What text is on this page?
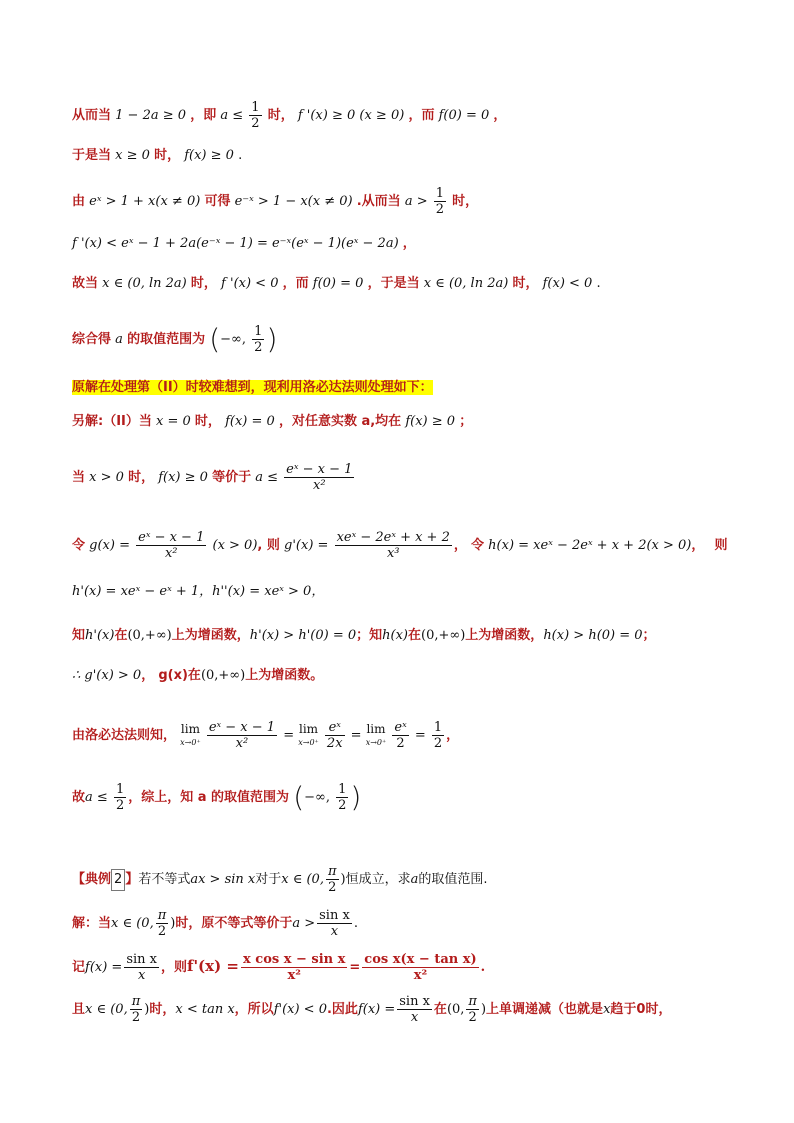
从而当 1 − 2a ≥ 0 ，即 $a \le \frac{1}{2}$ 时， f '(x) ≥ 0 (x ≥ 0) ，而 f(0) = 0 ，
于是当 x ≥ 0 时， f(x) ≥ 0 .
由 eˣ > 1 + x(x ≠ 0) 可得 e⁻ˣ > 1 − x(x ≠ 0) .从而当 $a > \frac{1}{2}$ 时，
f '(x) < eˣ − 1 + 2a(e⁻ˣ − 1) = e⁻ˣ(eˣ − 1)(eˣ − 2a) ，
故当 x ∈ (0, ln 2a) 时， f '(x) < 0 ，而 f(0) = 0 ，于是当 x ∈ (0, ln 2a) 时， f(x) < 0 .
综合得 a 的取值范围为 (−∞, $\frac{1}{2}$ )
原解在处理第（II）时较难想到，现利用洛必达法则处理如下：
另解:（II）当 x = 0 时， f(x) = 0 ，对任意实数 a,均在 f(x) ≥ 0 ；
当 x > 0 时， f(x) ≥ 0 等价于 $a \le \frac{\text{eˣ − x − 1}}{\text{x²}}$
令 $g(x) = \frac{\text{eˣ − x − 1}}{\text{x²}} (x > 0)$, 则 $g'(x) = \frac{\text{xeˣ − 2eˣ + x + 2}}{\text{x³}}$ ， 令 h(x) = xeˣ − 2eˣ + x + 2(x > 0)， 则
h'(x) = xeˣ − eˣ + 1，h''(x) = xeˣ > 0，
知h'(x)在(0,+∞)上为增函数，h'(x) > h'(0) = 0；知h(x)在(0,+∞)上为增函数，h(x) > h(0) = 0；
∴ g'(x) > 0， g(x)在(0,+∞)上为增函数。
由洛必达法则知， lim
x→0⁺
$\frac{\text{eˣ − x − 1}}{\text{x²}} = \lim$
x→0⁺
$\frac{\text{eˣ}}{2x} = \lim$
x→0⁺
$\frac{\text{eˣ}}{2} = \frac{1}{2}$ ，
故$a \le \frac{1}{2}$ ，综上，知 a 的取值范围为 (−∞, $\frac{1}{2}$ )
【典例 2 】若不等式ax > sin x对于x ∈ (0, $\frac{\pi}{2}$ )恒成立，求a的取值范围.
解：当x ∈ (0, $\frac{\pi}{2}$ )时，原不等式等价于$a > \frac{\text{sin x}}{x}$ .
记$f(x) = \frac{\text{sin x}}{x}$ ，则$f'(x) = \frac{\text{x cos x − sin x}}{\text{x²}} = \frac{\text{cos x(x − tan x)}}{\text{x²}}$ .
且x ∈ (0, $\frac{\pi}{2}$ )时，x < tan x，所以f'(x) < 0.因此$f(x) = \frac{\text{sin x}}{x}$ 在(0, $\frac{\pi}{2}$ )上单调递减（也就是x趋于0时，
